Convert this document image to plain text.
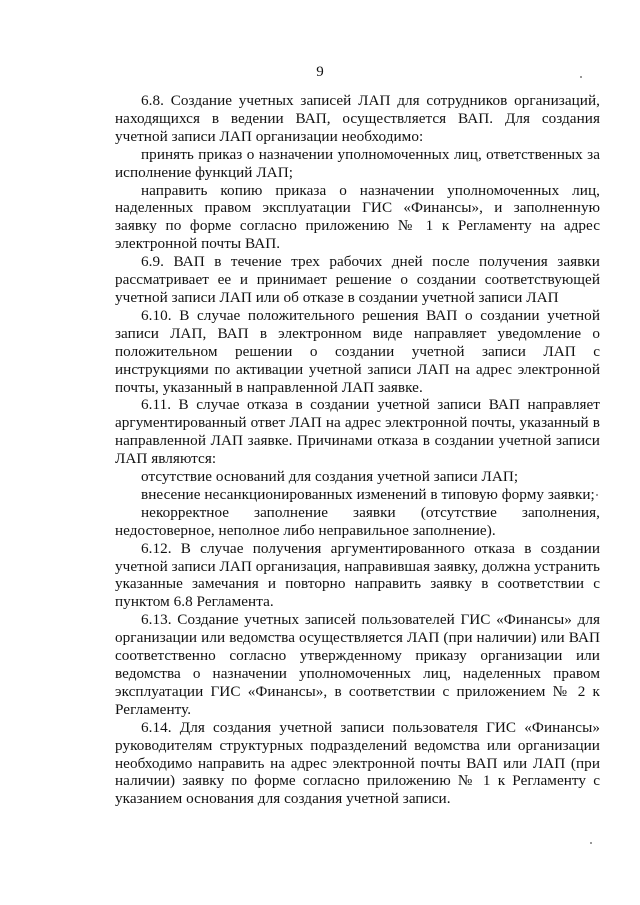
9

6.8. Создание учетных записей ЛАП для сотрудников организаций, находящихся в ведении ВАП, осуществляется ВАП. Для создания учетной записи ЛАП организации необходимо:

принять приказ о назначении уполномоченных лиц, ответственных за исполнение функций ЛАП;

направить копию приказа о назначении уполномоченных лиц, наделенных правом эксплуатации ГИС «Финансы», и заполненную заявку по форме согласно приложению № 1 к Регламенту на адрес электронной почты ВАП.

6.9. ВАП в течение трех рабочих дней после получения заявки рассматривает ее и принимает решение о создании соответствующей учетной записи ЛАП или об отказе в создании учетной записи ЛАП

6.10. В случае положительного решения ВАП о создании учетной записи ЛАП, ВАП в электронном виде направляет уведомление о положительном решении о создании учетной записи ЛАП с инструкциями по активации учетной записи ЛАП на адрес электронной почты, указанный в направленной ЛАП заявке.

6.11. В случае отказа в создании учетной записи ВАП направляет аргументированный ответ ЛАП на адрес электронной почты, указанный в направленной ЛАП заявке. Причинами отказа в создании учетной записи ЛАП являются:

отсутствие оснований для создания учетной записи ЛАП;

внесение несанкционированных изменений в типовую форму заявки;

некорректное заполнение заявки (отсутствие заполнения, недостоверное, неполное либо неправильное заполнение).

6.12. В случае получения аргументированного отказа в создании учетной записи ЛАП организация, направившая заявку, должна устранить указанные замечания и повторно направить заявку в соответствии с пунктом 6.8 Регламента.

6.13. Создание учетных записей пользователей ГИС «Финансы» для организации или ведомства осуществляется ЛАП (при наличии) или ВАП соответственно согласно утвержденному приказу организации или ведомства о назначении уполномоченных лиц, наделенных правом эксплуатации ГИС «Финансы», в соответствии с приложением № 2 к Регламенту.

6.14. Для создания учетной записи пользователя ГИС «Финансы» руководителям структурных подразделений ведомства или организации необходимо направить на адрес электронной почты ВАП или ЛАП (при наличии) заявку по форме согласно приложению № 1 к Регламенту с указанием основания для создания учетной записи.
